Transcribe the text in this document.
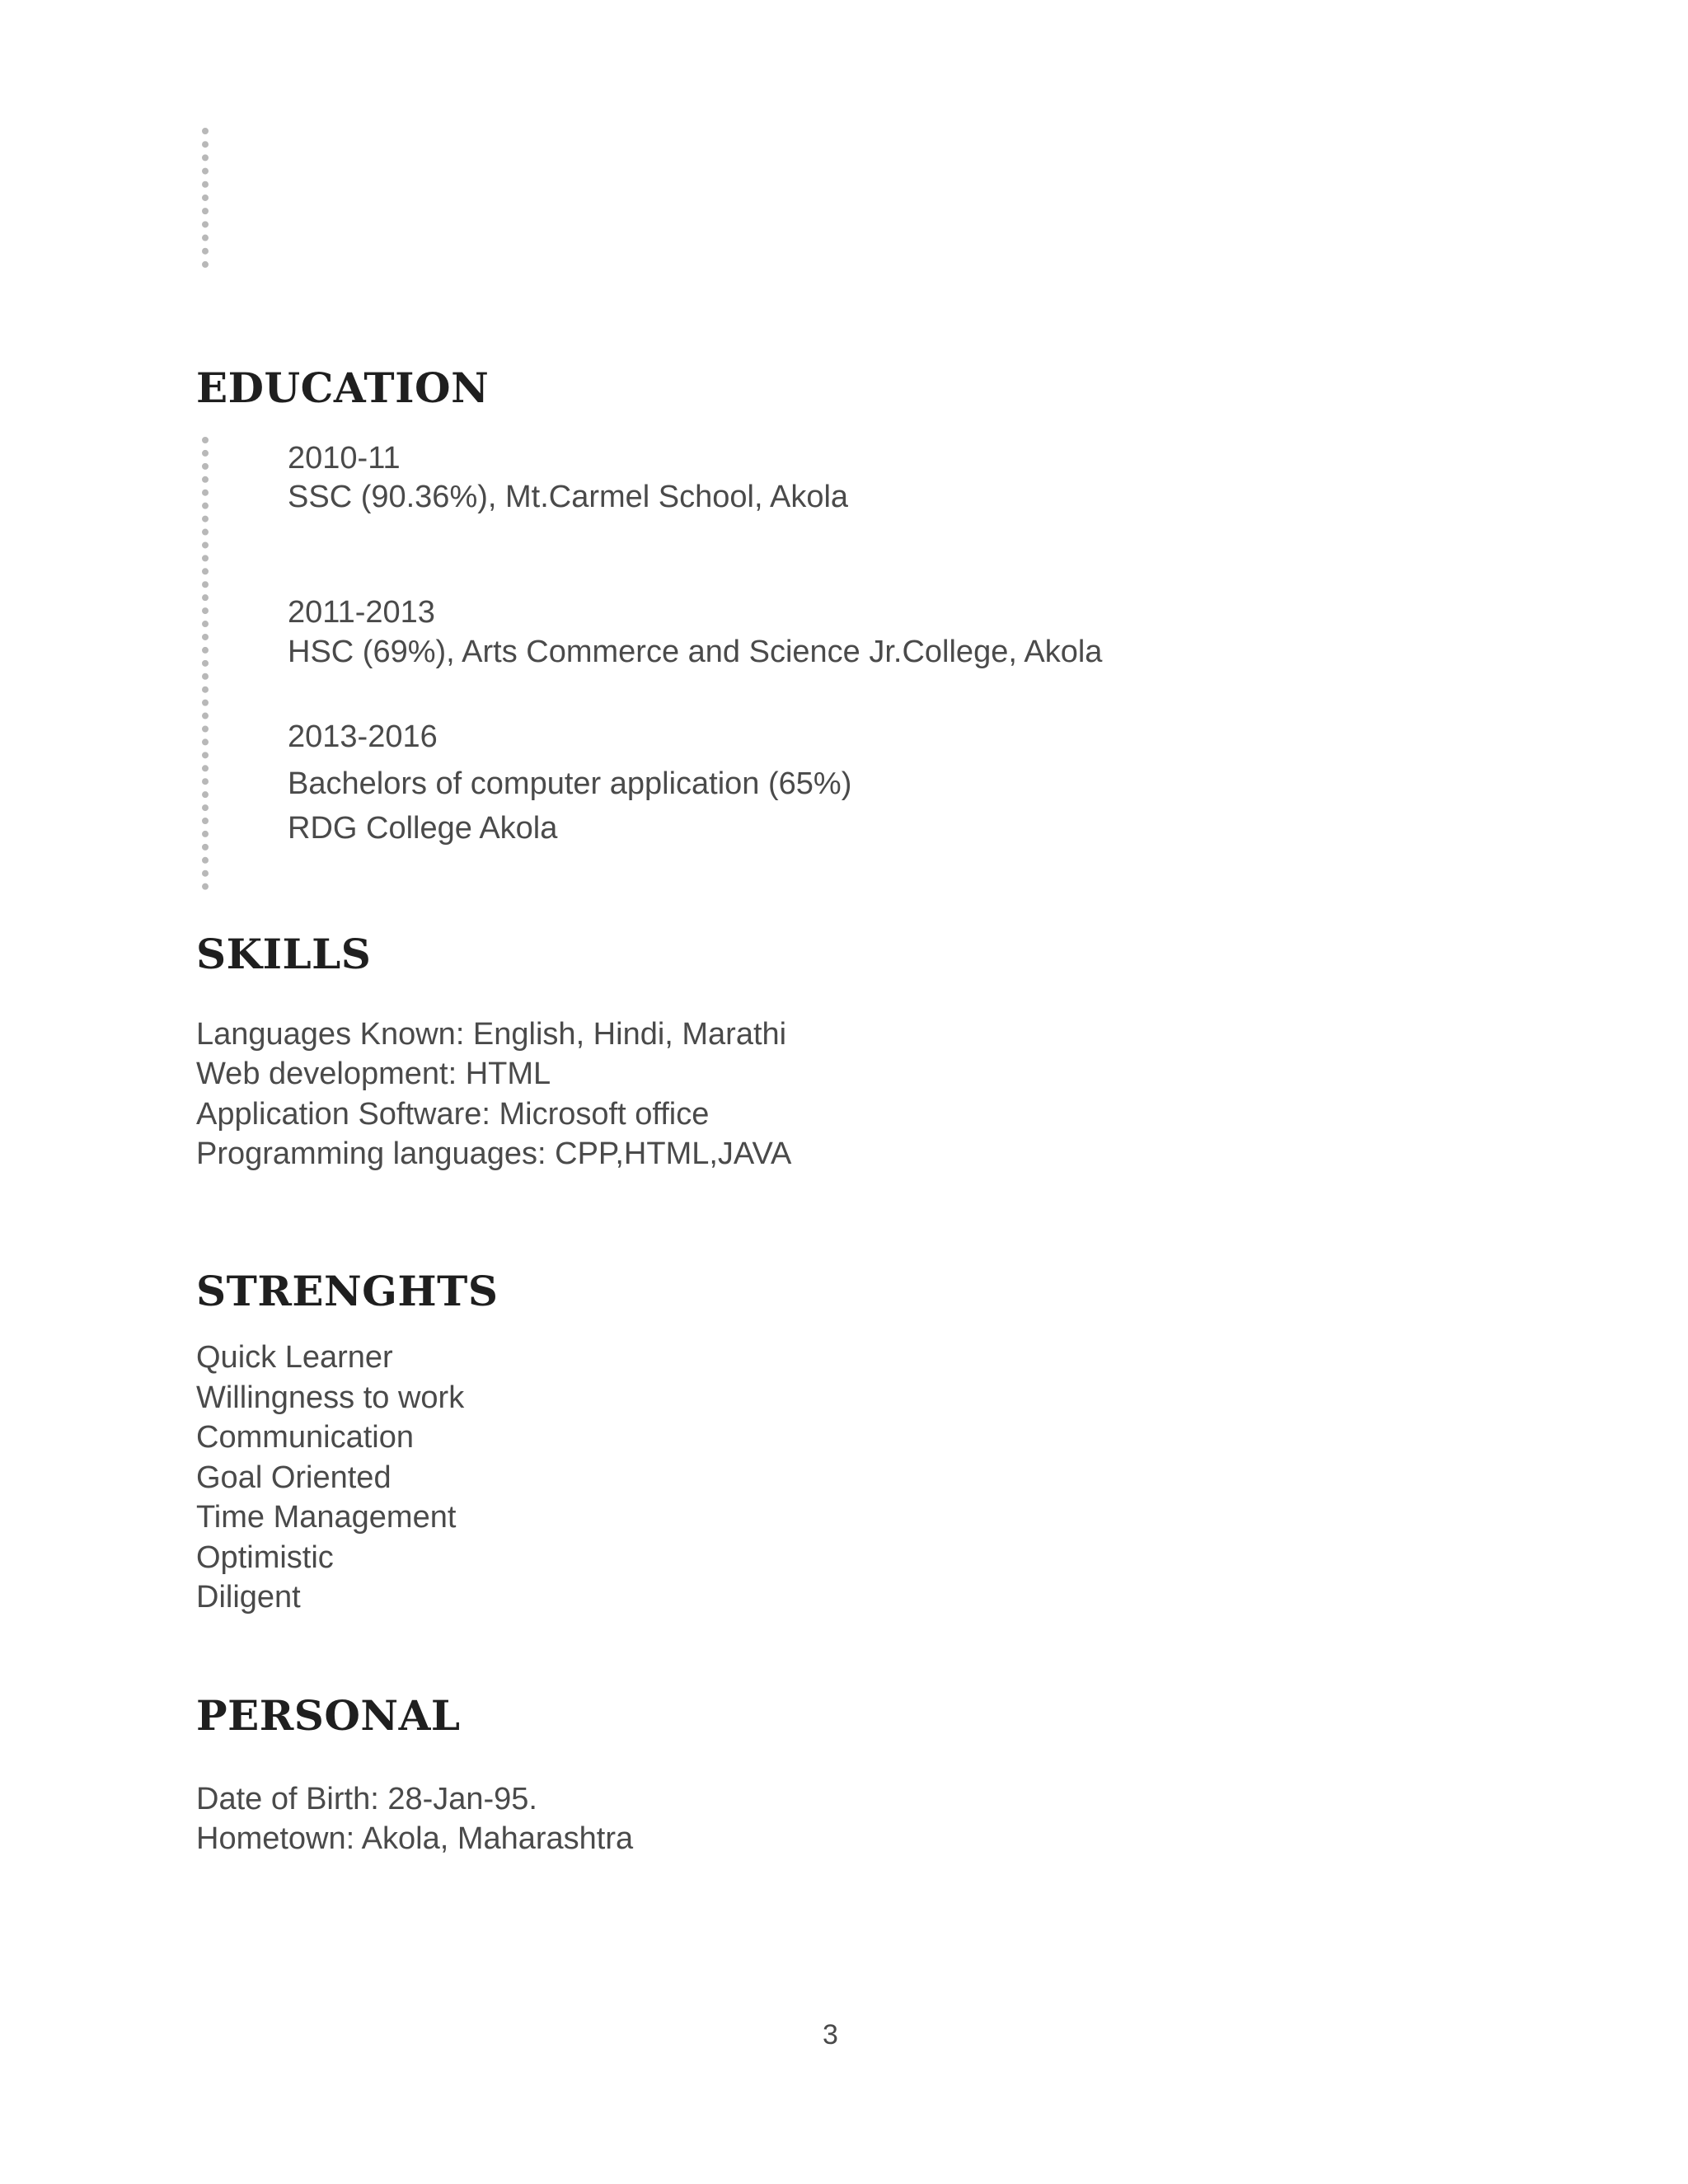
EDUCATION

2010-11

SSC (90.36%), Mt.Carmel School, Akola

2011-2013

HSC (69%), Arts Commerce and Science Jr.College, Akola

2013-2016

Bachelors of computer application (65%)

RDG College Akola

SKILLS

Languages Known: English, Hindi, Marathi

Web development: HTML

Application Software: Microsoft office

Programming languages: CPP,HTML,JAVA

STRENGHTS

Quick Learner

Willingness to work

Communication

Goal Oriented

Time Management

Optimistic

Diligent

PERSONAL

Date of Birth: 28-Jan-95.

Hometown: Akola, Maharashtra

3
